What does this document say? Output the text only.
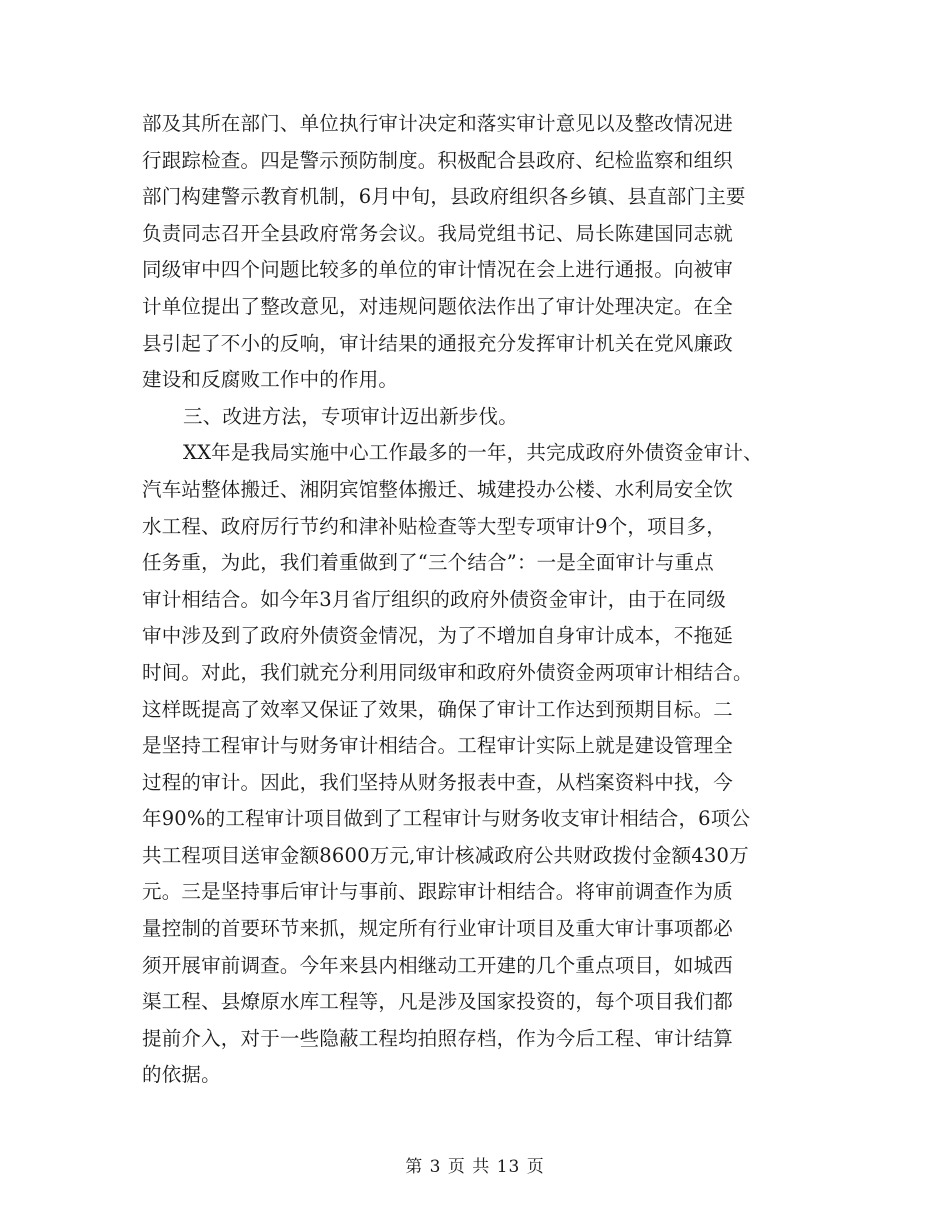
部及其所在部门、单位执行审计决定和落实审计意见以及整改情况进
行跟踪检查。四是警示预防制度。积极配合县政府、纪检监察和组织
部门构建警示教育机制，6月中旬，县政府组织各乡镇、县直部门主要
负责同志召开全县政府常务会议。我局党组书记、局长陈建国同志就
同级审中四个问题比较多的单位的审计情况在会上进行通报。向被审
计单位提出了整改意见，对违规问题依法作出了审计处理决定。在全
县引起了不小的反响，审计结果的通报充分发挥审计机关在党风廉政
建设和反腐败工作中的作用。
三、改进方法，专项审计迈出新步伐。
XX年是我局实施中心工作最多的一年，共完成政府外债资金审计、
汽车站整体搬迁、湘阴宾馆整体搬迁、城建投办公楼、水利局安全饮
水工程、政府厉行节约和津补贴检查等大型专项审计9个，项目多，
任务重，为此，我们着重做到了“三个结合”：一是全面审计与重点
审计相结合。如今年3月省厅组织的政府外债资金审计，由于在同级
审中涉及到了政府外债资金情况，为了不增加自身审计成本，不拖延
时间。对此，我们就充分利用同级审和政府外债资金两项审计相结合。
这样既提高了效率又保证了效果，确保了审计工作达到预期目标。二
是坚持工程审计与财务审计相结合。工程审计实际上就是建设管理全
过程的审计。因此，我们坚持从财务报表中查，从档案资料中找，今
年90%的工程审计项目做到了工程审计与财务收支审计相结合，6项公
共工程项目送审金额8600万元,审计核减政府公共财政拨付金额430万
元。三是坚持事后审计与事前、跟踪审计相结合。将审前调查作为质
量控制的首要环节来抓，规定所有行业审计项目及重大审计事项都必
须开展审前调查。今年来县内相继动工开建的几个重点项目，如城西
渠工程、县燎原水库工程等，凡是涉及国家投资的，每个项目我们都
提前介入，对于一些隐蔽工程均拍照存档，作为今后工程、审计结算
的依据。
第 3 页 共 13 页
